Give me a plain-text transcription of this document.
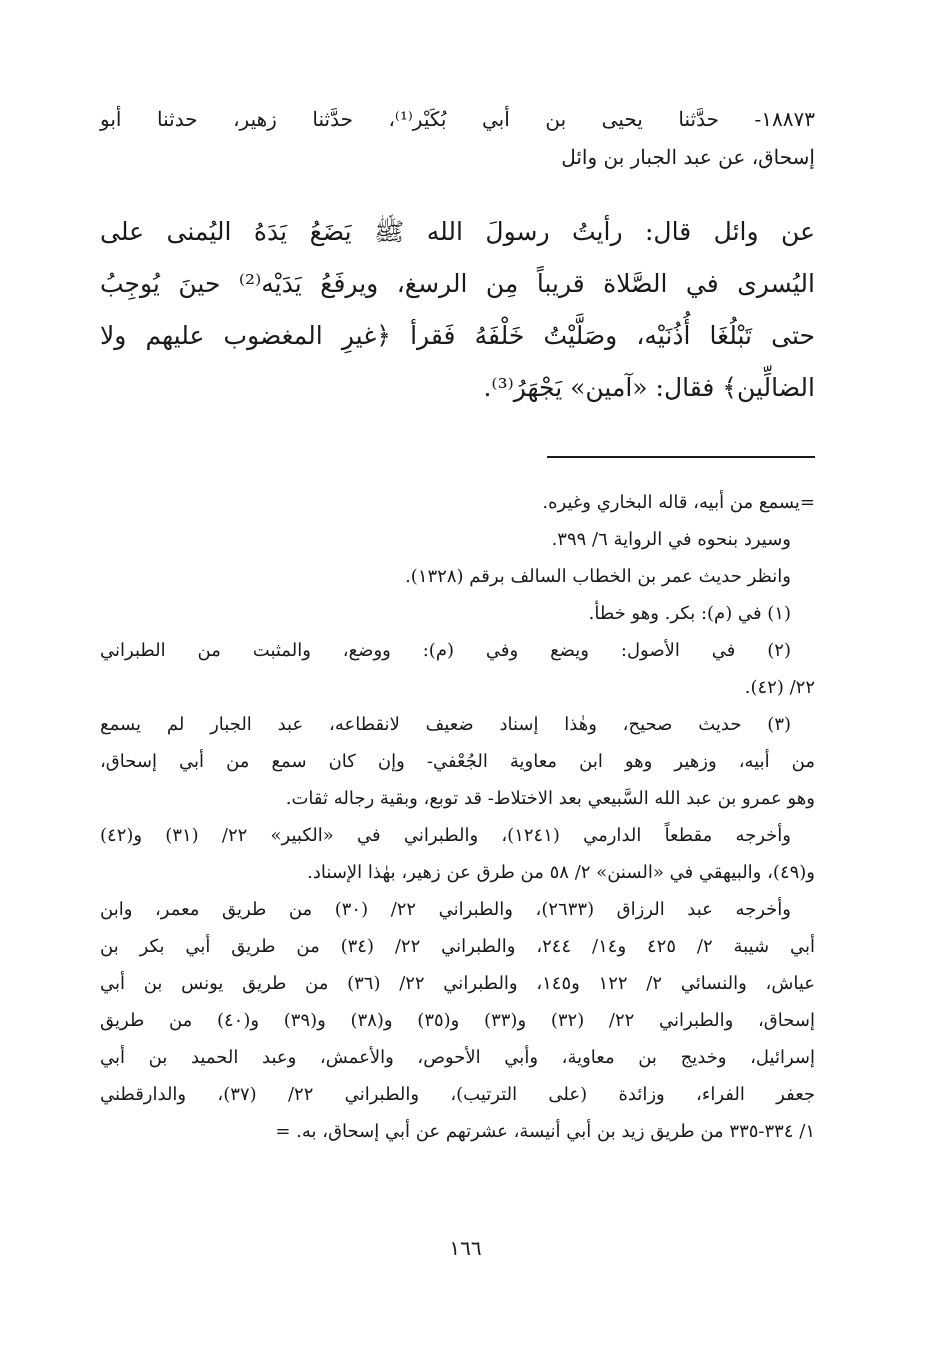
١٨٨٧٣- حدَّثنا يحيى بن أبي بُكَيْر⁽¹⁾، حدَّثنا زهير، حدثنا أبو
إسحاق، عن عبد الجبار بن وائل
عن وائل قال: رأيتُ رسولَ الله ﷺ يَضَعُ يَدَهُ اليُمنى على
اليُسرى في الصَّلاة قريباً مِن الرسغ، ويرفَعُ يَدَيْه⁽²⁾ حينَ يُوجِبُ
حتى تَبْلُغَا أُذُنَيْه، وصَلَّيْتُ خَلْفَهُ فَقرأ ﴿غيرِ المغضوب عليهم ولا
الضالِّين﴾ فقال: «آمين» يَجْهَرُ⁽³⁾.
=يسمع من أبيه، قاله البخاري وغيره.
وسيرد بنحوه في الرواية ٦/ ٣٩٩.
وانظر حديث عمر بن الخطاب السالف برقم (١٣٢٨).
(١) في (م): بكر. وهو خطأ.
(٢) في الأصول: ويضع وفي (م): ووضع، والمثبت من الطبراني
٢٢/ (٤٢).
(٣) حديث صحيح، وهٰذا إسناد ضعيف لانقطاعه، عبد الجبار لم يسمع
من أبيه، وزهير وهو ابن معاوية الجُعْفي- وإن كان سمع من أبي إسحاق،
وهو عمرو بن عبد الله السَّبيعي بعد الاختلاط- قد توبع، وبقية رجاله ثقات.
وأخرجه مقطعاً الدارمي (١٢٤١)، والطبراني في «الكبير» ٢٢/ (٣١) و(٤٢)
و(٤٩)، والبيهقي في «السنن» ٢/ ٥٨ من طرق عن زهير، بهٰذا الإسناد.
وأخرجه عبد الرزاق (٢٦٣٣)، والطبراني ٢٢/ (٣٠) من طريق معمر، وابن
أبي شيبة ٢/ ٤٢٥ و١٤/ ٢٤٤، والطبراني ٢٢/ (٣٤) من طريق أبي بكر بن
عياش، والنسائي ٢/ ١٢٢ و١٤٥، والطبراني ٢٢/ (٣٦) من طريق يونس بن أبي
إسحاق، والطبراني ٢٢/ (٣٢) و(٣٣) و(٣٥) و(٣٨) و(٣٩) و(٤٠) من طريق
إسرائيل، وخديج بن معاوية، وأبي الأحوص، والأعمش، وعبد الحميد بن أبي
جعفر الفراء، وزائدة (على الترتيب)، والطبراني ٢٢/ (٣٧)، والدارقطني
١/ ٣٣٤-٣٣٥ من طريق زيد بن أبي أنيسة، عشرتهم عن أبي إسحاق، به. =
١٦٦
